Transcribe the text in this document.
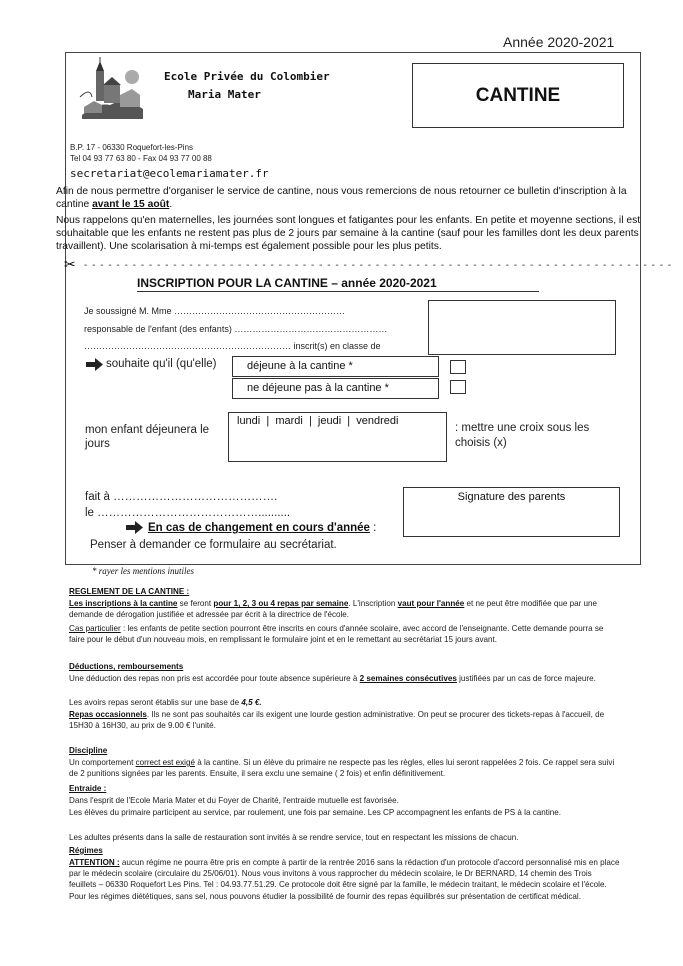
Année 2020-2021
Ecole Privée du Colombier
Maria Mater	CANTINE
B.P. 17 - 06330 Roquefort-les-Pins
Tel 04 93 77 63 80 - Fax 04 93 77 00 88
secretariat@ecolemariamater.fr
Afin de nous permettre d'organiser le service de cantine, nous vous remercions de nous retourner ce bulletin d'inscription à la cantine avant le 15 août.
Nous rappelons qu'en maternelles, les journées sont longues et fatigantes pour les enfants. En petite et moyenne sections, il est souhaitable que les enfants ne restent pas plus de 2 jours par semaine à la cantine (sauf pour les familles dont les deux parents travaillent). Une scolarisation à mi-temps est également possible pour les plus petits.
✂ - - - - - - - - - - - - - - - - - - - - - - - - - - - - - - - - - - - - - - - - - - - - - - - - - - - - - - - - - - - - - - - - - - - - - - - - -
INSCRIPTION POUR LA CANTINE – année 2020-2021
Je soussigné M. Mme …………………………………………………
responsable de l'enfant (des enfants) ……………………………………………
…………………………………………………………… inscrit(s) en classe de
souhaite qu'il (qu'elle)	déjeune à la cantine *
ne déjeune pas à la cantine *
mon enfant déjeunera le jours
lundi  |  mardi  |  jeudi  |  vendredi
: mettre une croix sous les choisis (x)
fait à …………………………………….
le ……………………………………..........
Signature des parents
En cas de changement en cours d'année :
Penser à demander ce formulaire au secrétariat.
* rayer les mentions inutiles
REGLEMENT DE LA CANTINE :
Les inscriptions à la cantine se feront pour 1, 2, 3 ou 4 repas par semaine. L'inscription vaut pour l'année et ne peut être modifiée que par une demande de dérogation justifiée et adressée par écrit à la directrice de l'école.
Cas particulier : les enfants de petite section pourront être inscrits en cours d'année scolaire, avec accord de l'enseignante. Cette demande pourra se faire pour le début d'un nouveau mois, en remplissant le formulaire joint et en le remettant au secrétariat 15 jours avant.
Déductions, remboursements
Une déduction des repas non pris est accordée pour toute absence supérieure à 2 semaines consécutives justifiées par un cas de force majeure.
Les avoirs repas seront établis sur une base de 4,5 €.
Repas occasionnels. Ils ne sont pas souhaités car ils exigent une lourde gestion administrative. On peut se procurer des tickets-repas à l'accueil, de 15H30 à 16H30, au prix de 9.00 € l'unité.
Discipline
Un comportement correct est exigé à la cantine. Si un élève du primaire ne respecte pas les règles, elles lui seront rappelées 2 fois. Ce rappel sera suivi de 2 punitions signées par les parents. Ensuite, il sera exclu une semaine ( 2 fois) et enfin définitivement.
Entraide :
Dans l'esprit de l'Ecole Maria Mater et du Foyer de Charité, l'entraide mutuelle est favorisée.
Les élèves du primaire participent au service, par roulement, une fois par semaine. Les CP accompagnent les enfants de PS à la cantine.
Les adultes présents dans la salle de restauration sont invités à se rendre service, tout en respectant les missions de chacun.
Régimes
ATTENTION : aucun régime ne pourra être pris en compte à partir de la rentrée 2016 sans la rédaction d'un protocole d'accord personnalisé mis en place par le médecin scolaire (circulaire du 25/06/01). Nous vous invitons à vous rapprocher du médecin scolaire, le Dr BERNARD, 14 chemin des Trois feuillets – 06330 Roquefort Les Pins. Tel : 04.93.77.51.29. Ce protocole doit être signé par la famille, le médecin traitant, le médecin scolaire et l'école. Pour les régimes diététiques, sans sel, nous pouvons étudier la possibilité de fournir des repas équilibrés sur présentation de certificat médical.
